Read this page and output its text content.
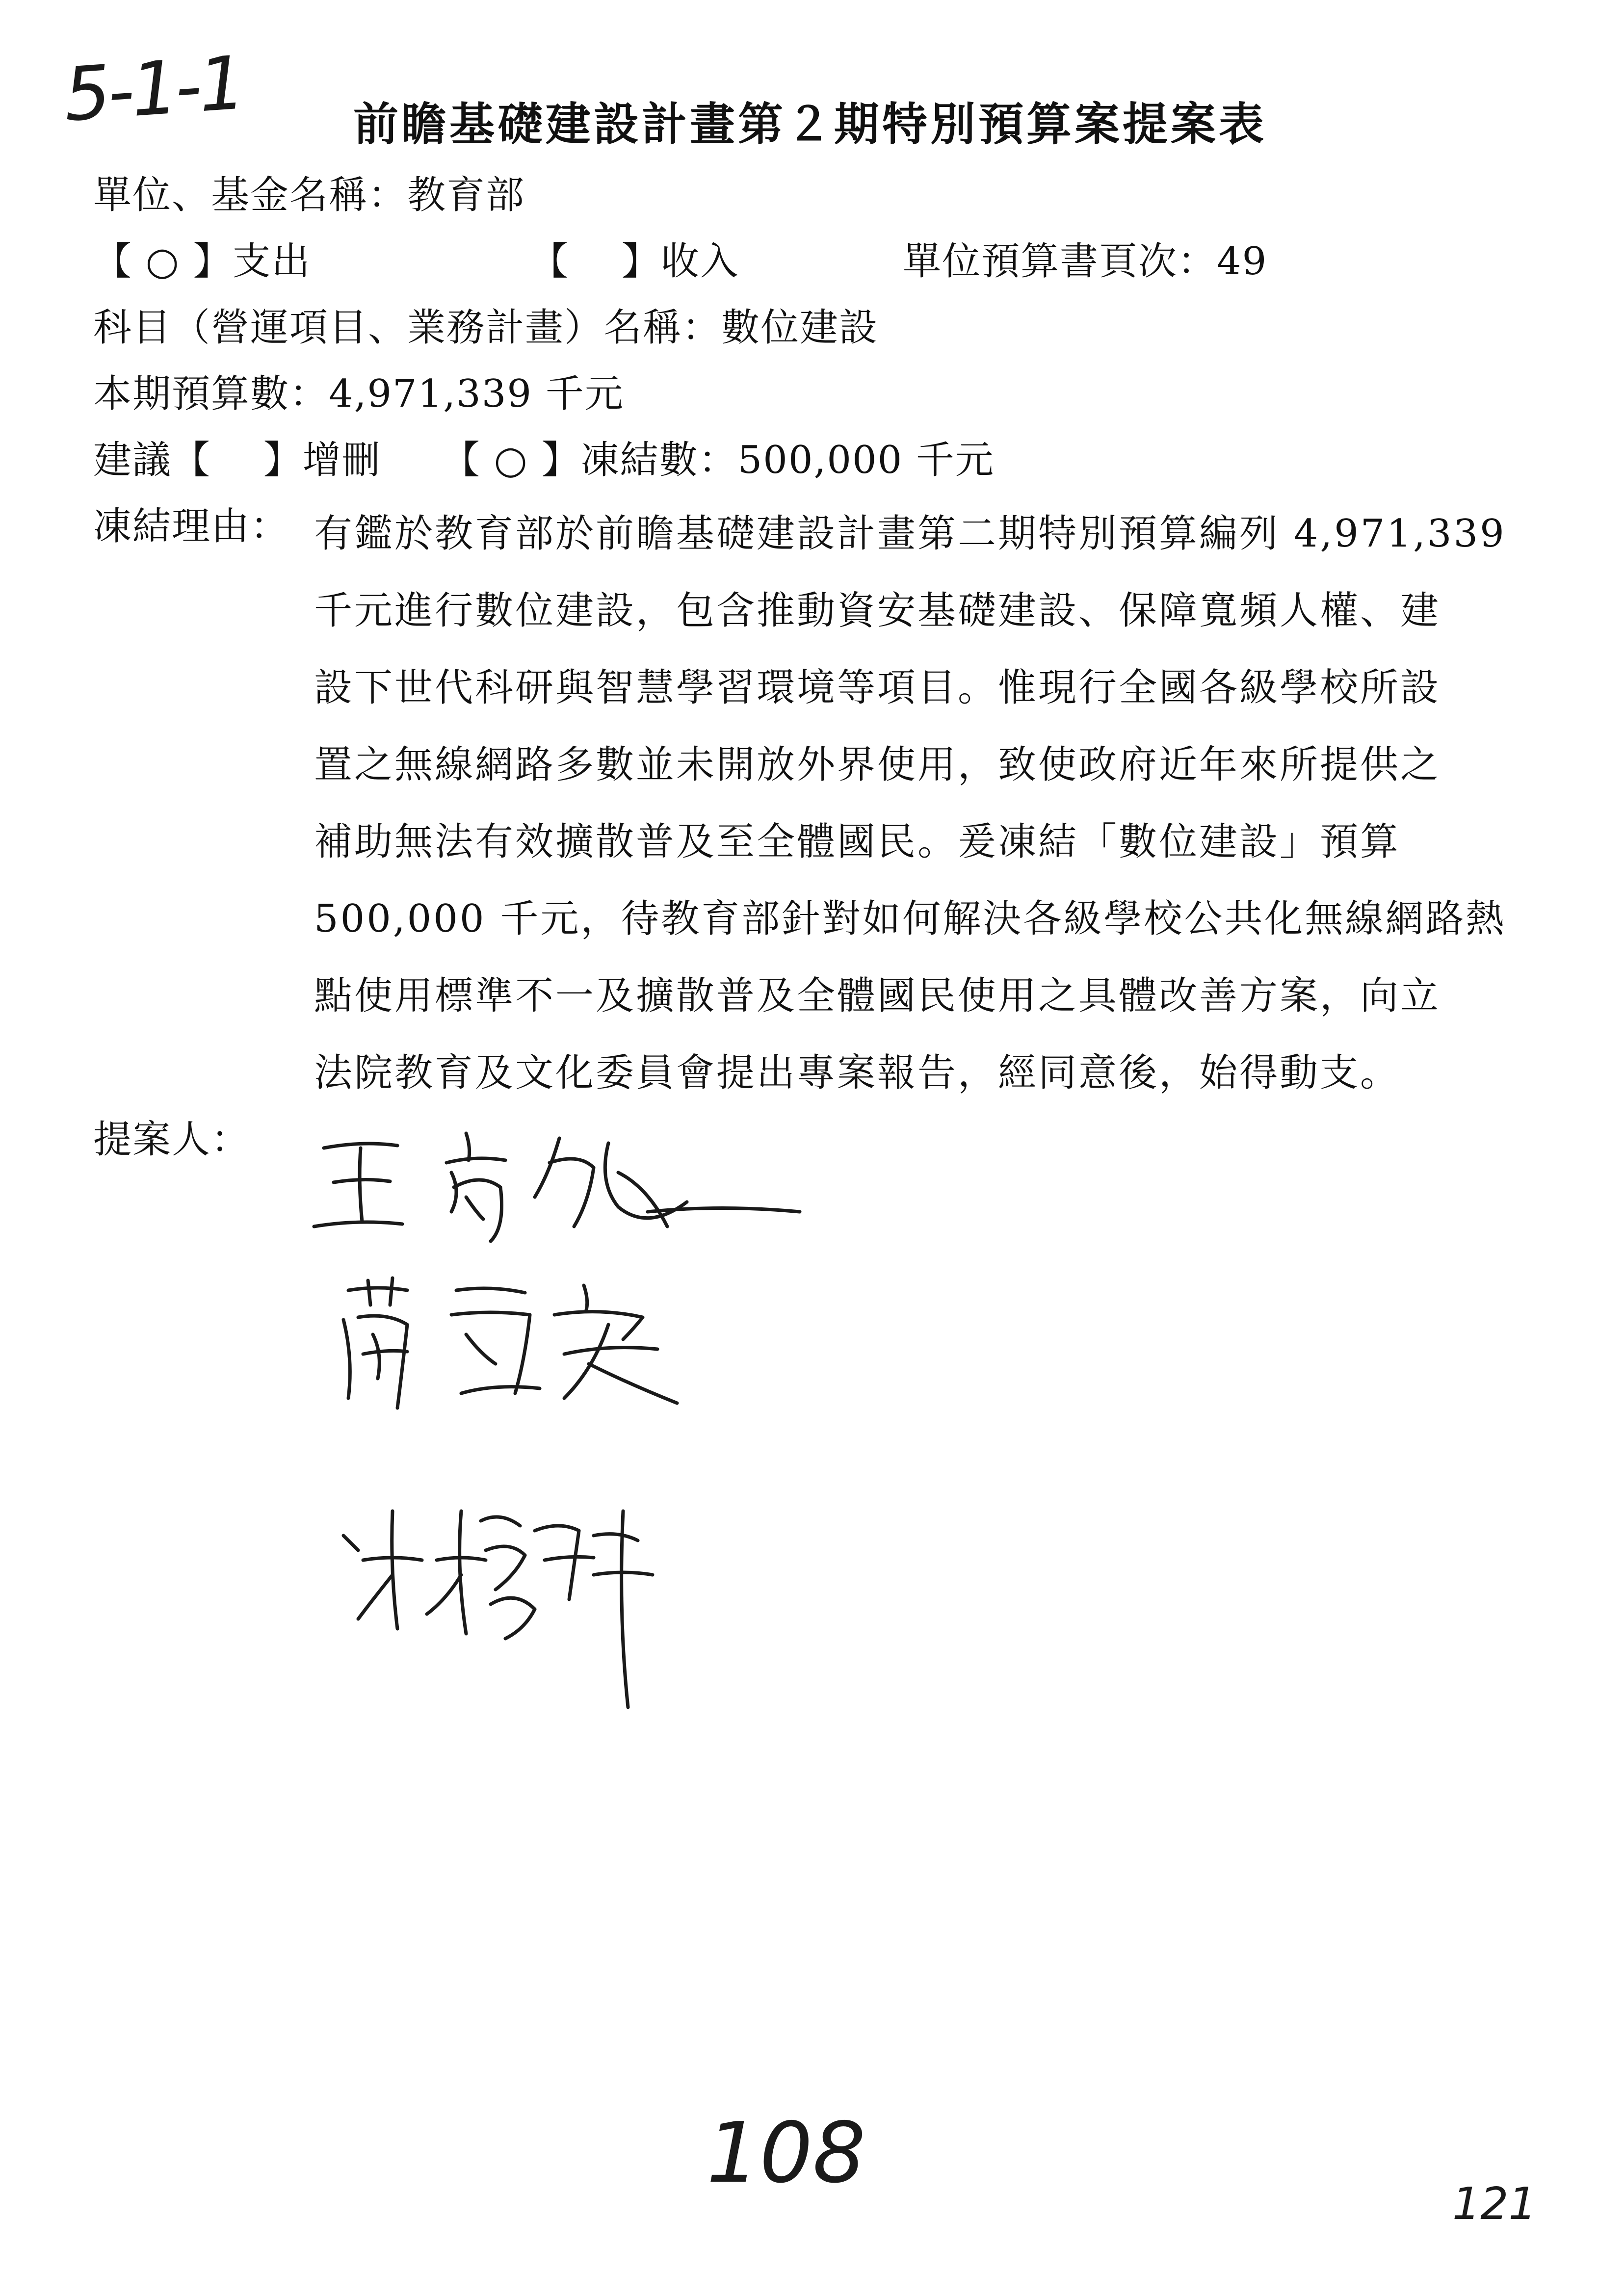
5-1-1 前瞻基礎建設計畫第２期特別預算案提案表
單位、基金名稱：教育部
【 ○ 】支出	【　 】收入	單位預算書頁次：49
科目（營運項目、業務計畫）名稱：數位建設
本期預算數：4,971,339 千元
建議【　 】增刪 【 ○ 】凍結數：500,000 千元
凍結理由： 有鑑於教育部於前瞻基礎建設計畫第二期特別預算編列 4,971,339
千元進行數位建設，包含推動資安基礎建設、保障寬頻人權、建
設下世代科研與智慧學習環境等項目。惟現行全國各級學校所設
置之無線網路多數並未開放外界使用，致使政府近年來所提供之
補助無法有效擴散普及至全體國民。爰凍結「數位建設」預算
500,000 千元，待教育部針對如何解決各級學校公共化無線網路熱
點使用標準不一及擴散普及全體國民使用之具體改善方案，向立
法院教育及文化委員會提出專案報告，經同意後，始得動支。
提案人：
108
121
